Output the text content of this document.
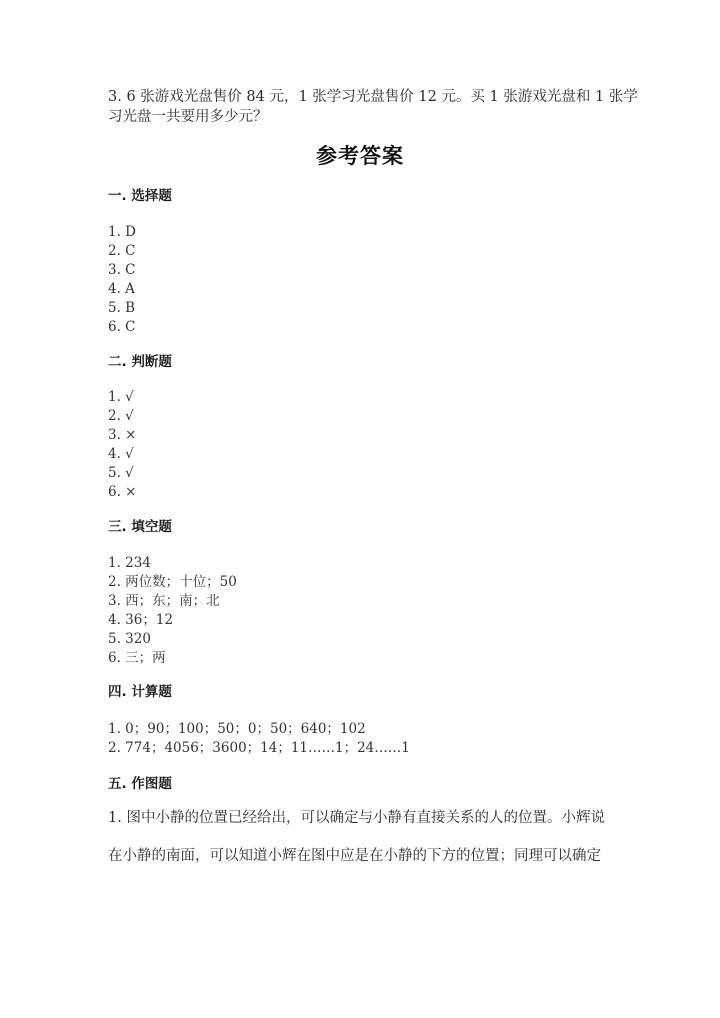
3. 6 张游戏光盘售价 84 元，1 张学习光盘售价 12 元。买 1 张游戏光盘和 1 张学
习光盘一共要用多少元？
参考答案
一. 选择题
1. D
2. C
3. C
4. A
5. B
6. C
二. 判断题
1. √
2. √
3. ×
4. √
5. √
6. ×
三. 填空题
1. 234
2. 两位数；十位；50
3. 西；东；南；北
4. 36；12
5. 320
6. 三；两
四. 计算题
1. 0；90；100；50；0；50；640；102
2. 774；4056；3600；14；11……1；24……1
五. 作图题
1. 图中小静的位置已经给出，可以确定与小静有直接关系的人的位置。小辉说
在小静的南面，可以知道小辉在图中应是在小静的下方的位置；同理可以确定
